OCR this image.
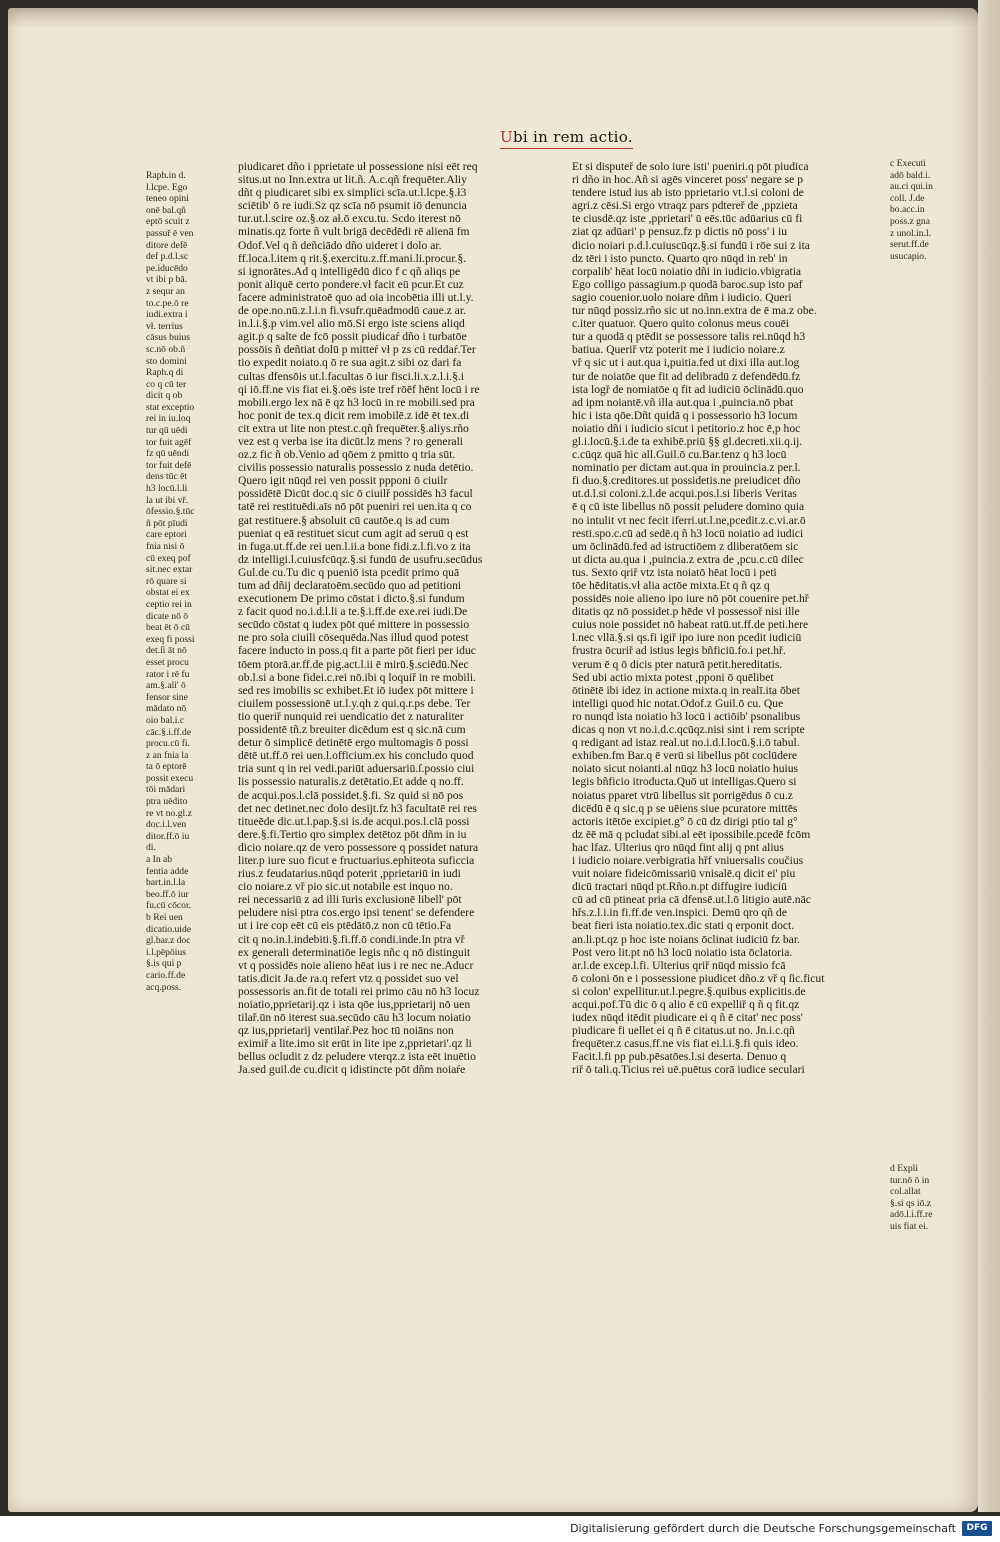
Ubi in rem actio.

Raph.in d.

l.lcpe. Ego

teneo opini

onē bal.qñ

eptō scuit z

passuř ē ven

ditore defē

def p.d.l.sc

pe.iducēdo

vt ibi p bā.

z sequr an

to.c.pe.ō re

iudi.extra i

vł. terrius

cāsus buius

sc.nō ob.ñ

sto domini

Raph.q di

co q cū ter

dicit q ob

stat exceptio

rei in iu.loq

tur qū uēdi

tor fuit agēf

fz qū uēndi

tor fuit defē

dens tūc ēt

h3 locū.l.li

la ut ibi vř.

ōfessio.§.tūc

ñ pōt pīudi

care eptori

fnia nisi ō

cū exeq pof

sit.nec extar

rō quare si

obstat ei ex

ceptio rei in

dicate nō ō

beat ēt ō cū

exeq fi possi

det.ſi āt nō

esset procu

rator i rē fu

am.§.ali' ō

fensor sine

mādato nō

oio bal.i.c

cāc.§.i.ff.de

procu.cū fi.

z an fnia la

ta ō eptorē

possit execu

tōi mādari

ptra uēdito

re vt no.gl.z

doc.i.l.ven

ditor.ff.ō iu

di.

a In ab

fentia adde

bart.in.l.la

beo.ff.ō iur

fu.cū cōcor.

b Rei uen

dicatio.uide

gl.bar.z doc

i.l.pēpōius

§.is qui p

cario.ff.de

acq.poss.

piudicaret dño i pprietate uł possessione nisi eēt req

situs.ut no Inn.extra ut lit.ñ. A.c.qñ frequēter.Aliy

dñt q piudicaret sibi ex simplici scīa.ut.l.lcpe.§.ł3

sciētib' ō re iudi.Sz qz scīa nō psumit iō denuncia

tur.ut.l.scire oz.§.oz ał.ō excu.tu. Scdo iterest nō

minatis.qz forte ñ vult brigā decēdēdi rē alienā fm

Odof.Vel q ñ deñciādo dño uideret i dolo ar.

ff.loca.l.item q rit.§.exercitu.z.ff.mani.li.procur.§.

si ignorātes.Ad q intelligēdū dico f c qñ aliqs pe

ponit aliquē certo pondere.vł facit eū pcur.Et cuz

facere administratoē quo ad oia incobētia illi ut.l.y.

de ope.no.nū.z.l.i.n fi.vsufr.quēadmodū caue.z ar.

in.l.i.§.p vim.vel alio mō.Si ergo iste sciens aliqd

agit.p q salte de fcō possit piudicaŕ dño i turbatōe

possōis ñ deñtiat dolū p mitteŕ vł p zs cū reddaŕ.Ter

tio expedit noiato.q ō re sua agit.z sibi oz dari fa

cultas dfensōis ut.l.facultas ō iur fisci.li.x.z.l.i.§.i

qi iō.ff.ne vis fiat ei.§.oēs iste tref rōēf hēnt locū i re

mobili.ergo lex nā ē qz h3 locū in re mobili.sed pra

hoc ponit de tex.q dicit rem imobilē.z idē ēt tex.di

cit extra ut lite non ptest.c.qñ frequēter.§.aliys.rño

vez est q verba ise ita dicūt.lz mens ? ro generali

oz.z fic ñ ob.Venio ad qōem z pmitto q tria sūt.

civilis possessio naturalis possessio z nuda detētio.

Quero igit nūqd rei ven possit ppponi ō ciuilr

possidētē Dicūt doc.q sic ō ciuilř possidēs h3 facul

tatē rei restituēdi.aīs nō pōt pueniri rei uen.ita q co

gat restituere.§ absoluit cū cautōe.q is ad cum

pueniat q eā restituet sicut cum agit ad seruū q est

in fuga.ut.ff.de rei uen.l.ii.a bone fidi.z.l.fi.vo z ita

dz intelligi.l.cuiusfcūqz.§.si fundū de usufru.secūdus

Gul.de cu.Tu dic q pueniō ista pcedit primo quā

tum ad dñij declaratoēm.secūdo quo ad petitioni

executionem De primo cōstat i dicto.§.si fundum

z facit quod no.i.d.l.li a te.§.i.ff.de exe.rei iudi.De

secūdo cōstat q iudex pōt qué mittere in possessio

ne pro sola ciuili cōsequēda.Nas illud quod potest

facere inducto in poss.q fit a parte pōt fieri per iduc

tōem ptorā.ar.ff.de pig.act.l.ii ē mirū.§.sciēdū.Nec

ob.l.si a bone fidei.c.rei nō.ibi q loquiř in re mobili.

sed res imobilis sc exhibet.Et iō iudex pōt mittere i

ciuilem possessionē ut.l.y.qh z qui.q.r.ps debe. Ter

tio queriř nunquid rei uendicatio det z naturaliter

possidentē tñ.z breuiter dicēdum est q sic.nā cum

detur ō simplicē detinētē ergo multomagis ō possi

dētē ut.ff.ō rei uen.l.officium.ex his concludo quod

tria sunt q in rei vedi.pariūt aduersariū.ſ.possio ciui

lis possessio naturalis.z detētatio.Et adde q no.ff.

de acqui.pos.l.clā possidet.§.fi. Sz quid si nō pos

det nec detinet.nec dolo desijt.fz h3 facultatē rei res

titueēde dic.ut.l.pap.§.si is.de acqui.pos.l.clā possi

dere.§.fi.Tertio qro simplex detētoz pōt dñm in iu

dicio noiare.qz de vero possessore q possidet natura

liter.p iure suo ficut e fructuarius.ephiteota suficcia

rius.z feudatarius.nūqd poterit ,pprietariū in iudi

cio noiare.z vř pio sic.ut notabile est inquo no.

rei necessariū z ad illi īuris exclusionē libell' pōt

peludere nisi ptra cos.ergo ipsi tenent' se defendere

ut i ire cop eēt cū eis ptēdātō.z non cū tētio.Fa

cit q no.in.l.indebiti.§.fi.ff.ō condi.inde.In ptra vř

ex generali determinatiōe legis nñc q nō distinguit

vt q possidēs noie alieno hēat ius i re nec ne.Aducr

tatis.dicit Ja.de ra.q refert vtz q possidet suo vel

possessoris an.fit de totali rei primo cāu nō h3 locuz

noiatio,pprietarij.qz i ista qōe ius,pprietarij nō uen

tilař.ūn nō iterest sua.secūdo cāu h3 locum noiatio

qz ius,pprietarij ventilaŕ.Pez hoc tū noiāns non

eximiř a lite.imo sit erūt in lite ipe z,pprietari'.qz li

bellus ocludit z dz peludere vterqz.z ista eēt inuētio

Ja.sed guil.de cu.dicit q idistincte pōt dñm noiaŕe

Et si disputeř de solo iure isti' pueniri.q pōt piudica

ri dño in hoc.Añ si agēs vinceret poss' negare se p

tendere istud ius ab isto pprietario vt.l.si coloni de

agri.z cēsi.Si ergo vtraqz pars pdtereř de ,ppzieta

te ciusdē.qz iste ,pprietari' ū eēs.tūc adūarius cū fi

ziat qz adūari' p pensuz.fz p dictis nō poss' i iu

dicio noiari p.d.l.cuiuscūqz.§.si fundū i rōe sui z ita

dz tēri i isto puncto. Quarto qro nūqd in reb' in

corpalib' hēat locū noiatio dñi in iudicio.vbigratia

Ego colligo passagium.p quodā baroc.sup isto paf

sagio couenior.uolo noiare dñm i iudicio. Queri

tur nūqd possiz.rño sic ut no.inn.extra de ē ma.z obe.

c.iter quatuor. Quero quito colonus meus couēi

tur a quodā q ptēdit se possessore talis rei.nūqd h3

batiua. Queriř vtz poterit me i iudicio noiare.z

vř q sic ut i aut.qua i,puitia.fed ut dixi illa aut.log

tur de noiatōe que fit ad delibradū z defendēdū.fz

ista logř de nomiatōe q fit ad iudiciū ōclinādū.quo

ad ipm noiantē.vñ illa aut.qua i ,puincia.nō pbat

hic i ista qōe.Dñt quidā q i possessorio h3 locum

noiatio dñi i iudicio sicut i petitorio.z hoc ē,p hoc

gl.i.locū.§.i.de ta exhibē.priū §§ gl.decreti.xii.q.ij.

c.cūqz quā hic all.Guil.ō cu.Bar.tenz q h3 locū

nominatio per dictam aut.qua in prouincia.z per.l.

fi duo.§.creditores.ut possidetis.ne preiudicet dño

ut.d.l.si coloni.z.l.de acqui.pos.l.si liberis Veritas

ē q cū iste libellus nō possit peludere domino quia

no intulit vt nec fecit iferri.ut.l.ne,pcedit.z.c.vi.ar.ō

resti.spo.c.cū ad sedē.q ñ h3 locū noiatio ad iudici

um ōclinādū.fed ad istructiōem z dliberatōem sic

ut dicta au.qua i ,puincia.z extra de ,pcu.c.cū dilec

tus. Sexto qriř vtz ista noiatō hēat locū i peti

tōe hēditatis.vł alia actōe mixta.Et q ñ qz q

possidēs noie alieno ipo iure nō pōt couenire pet.hř

ditatis qz nō possidet.p hēde vł possessoř nisi ille

cuius noie possidet nō habeat ratū.ut.ff.de peti.here

l.nec vllā.§.si qs.fi igiř ipo iure non pcedit iudiciū

frustra ōcuriř ad istius legis bñficiū.fo.i pet.hř.

verum ē q ō dicis pter naturā petit.hereditatis.

Sed ubi actio mixta potest ,pponi ō quēlibet

ōtinētē ibi idez in actione mixta.q in realī.ita ōbet

intelligi quod hic notat.Odof.z Guil.ō cu. Que

ro nunqd ista noiatio h3 locū i actiōib' psonalibus

dicas q non vt no.i.d.c.qcūqz.nisi sint i rem scripte

q redigant ad istaz real.ut no.i.d.l.locū.§.i.ō tabul.

exhiben.fm Bar.q ē verū si libellus pōt coclūdere

noiato sicut noianti.al nūqz h3 locū noiatio huius

legis bñficio itroducta.Quō ut intelligas.Quero si

noiatus pparet vtrū libellus sit porrigēdus ō cu.z

dicēdū ē q sic.q p se uēiens siue pcuratore mittēs

actoris itētōe excipiet.g° ō cū dz dirigi ptio tal g°

dz ēē mā q pcludat sibi.al eēt ipossibile.pcedē fcōm

hac lfaz. Ulterius qro nūqd fint alij q pnt alius

i iudicio noiare.verbigratia hřf vniuersalis coučius

vuit noiare fideicōmissariū vnisalē.q dicit ei' piu

dicū tractari nūqd pt.Rño.n.pt diffugire iudiciū

cū ad cū ptineat pria cā dfensē.ut.l.ō litigio autē.nāc

hřs.z.l.i.in fi.ff.de ven.inspici. Demū qro qñ de

beat fieri ista noiatio.tex.dic stati q erponit doct.

an.li.pt.qz p hoc iste noians ōclinat iudiciū fz bar.

Post vero lit.pt nō h3 locū noiatio ista ōclatoria.

ar.l.de excep.l.fi. Ulterius qriř nūqd missio fcā

ō coloni ōn e i possessione piudicet dño.z vř q ſic.ficut

si colon' expellitur.ut.l.pegre.§.quibus explicitis.de

acqui.pof.Tū dic ō q alio ē cū expelliř q ñ q fit.qz

iudex nūqd itēdit piudicare ei q ñ ē citat' nec poss'

piudicare fi uellet ei q ñ ē citatus.ut no. Jn.i.c.qñ

frequēter.z casus.ff.ne vis fiat ei.l.i.§.fi quis ideo.

Facit.l.fi pp pub.pēsatōes.l.si deserta. Denuo q

riř ō tali.q.Ticius rei uē.puētus corā iudice seculari

c Executi

adō bald.i.

au.ci qui.in

coll. J.de

bo.acc.in

poss.z gna

z unol.in.l.

serut.ff.de

usucapio.

d Expli

tur.nō ō in

col.allat

§.si qs iō.z

adō.l.i.ff.re

uis fiat ei.

Digitalisierung gefördert durch die Deutsche Forschungsgemeinschaft	DFG
